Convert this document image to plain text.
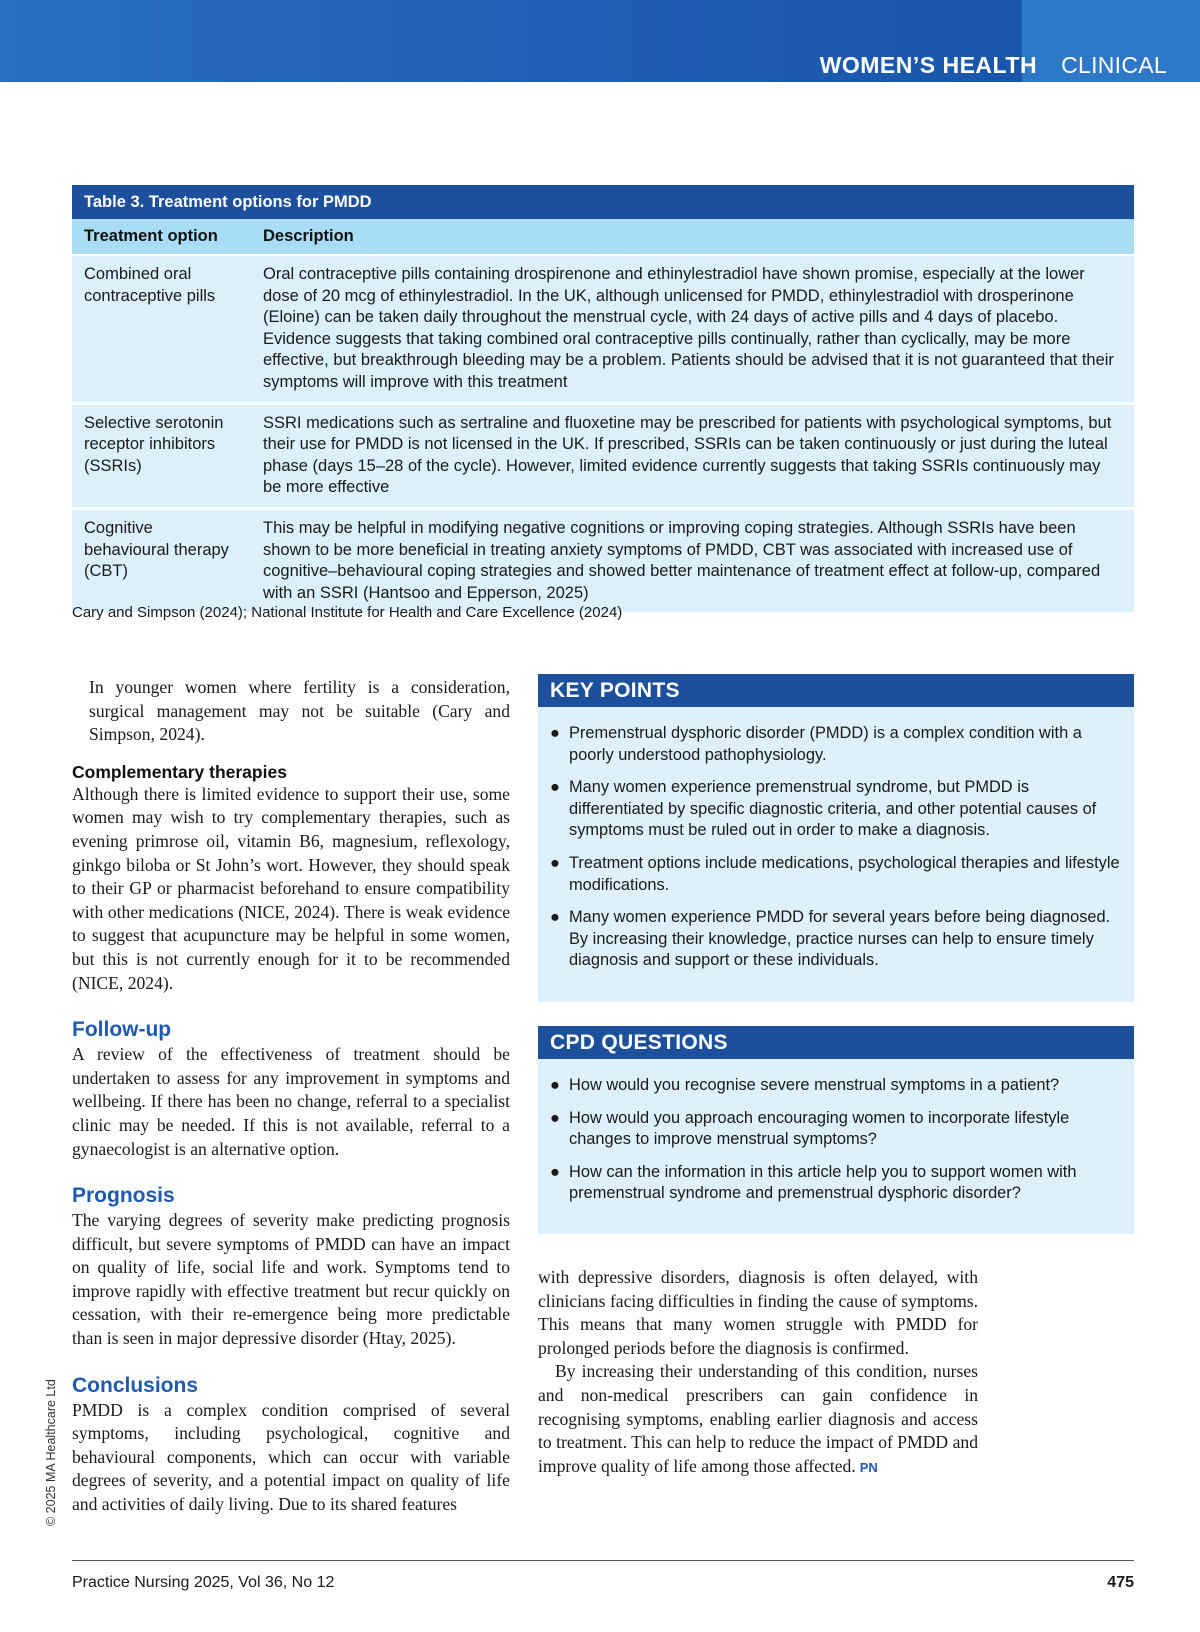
WOMEN’S HEALTH CLINICAL
Table 3. Treatment options for PMDD
Treatment option	Description
Combined oral contraceptive pills	Oral contraceptive pills containing drospirenone and ethinylestradiol have shown promise, especially at the lower dose of 20 mcg of ethinylestradiol. In the UK, although unlicensed for PMDD, ethinylestradiol with drosperinone (Eloine) can be taken daily throughout the menstrual cycle, with 24 days of active pills and 4 days of placebo. Evidence suggests that taking combined oral contraceptive pills continually, rather than cyclically, may be more effective, but breakthrough bleeding may be a problem. Patients should be advised that it is not guaranteed that their symptoms will improve with this treatment
Selective serotonin receptor inhibitors (SSRIs)	SSRI medications such as sertraline and fluoxetine may be prescribed for patients with psychological symptoms, but their use for PMDD is not licensed in the UK. If prescribed, SSRIs can be taken continuously or just during the luteal phase (days 15–28 of the cycle). However, limited evidence currently suggests that taking SSRIs continuously may be more effective
Cognitive behavioural therapy (CBT)	This may be helpful in modifying negative cognitions or improving coping strategies. Although SSRIs have been shown to be more beneficial in treating anxiety symptoms of PMDD, CBT was associated with increased use of cognitive–behavioural coping strategies and showed better maintenance of treatment effect at follow-up, compared with an SSRI (Hantsoo and Epperson, 2025)
Cary and Simpson (2024); National Institute for Health and Care Excellence (2024)

In younger women where fertility is a consideration, surgical management may not be suitable (Cary and Simpson, 2024).

Complementary therapies

Although there is limited evidence to support their use, some women may wish to try complementary therapies, such as evening primrose oil, vitamin B6, magnesium, reflexology, ginkgo biloba or St John’s wort. However, they should speak to their GP or pharmacist beforehand to ensure compatibility with other medications (NICE, 2024). There is weak evidence to suggest that acupuncture may be helpful in some women, but this is not currently enough for it to be recommended (NICE, 2024).

Follow-up

A review of the effectiveness of treatment should be undertaken to assess for any improvement in symptoms and wellbeing. If there has been no change, referral to a specialist clinic may be needed. If this is not available, referral to a gynaecologist is an alternative option.

Prognosis

The varying degrees of severity make predicting prognosis difficult, but severe symptoms of PMDD can have an impact on quality of life, social life and work. Symptoms tend to improve rapidly with effective treatment but recur quickly on cessation, with their re-emergence being more predictable than is seen in major depressive disorder (Htay, 2025).

Conclusions

PMDD is a complex condition comprised of several symptoms, including psychological, cognitive and behavioural components, which can occur with variable degrees of severity, and a potential impact on quality of life and activities of daily living. Due to its shared features

KEY POINTS
● Premenstrual dysphoric disorder (PMDD) is a complex condition with a poorly understood pathophysiology.
● Many women experience premenstrual syndrome, but PMDD is differentiated by specific diagnostic criteria, and other potential causes of symptoms must be ruled out in order to make a diagnosis.
● Treatment options include medications, psychological therapies and lifestyle modifications.
● Many women experience PMDD for several years before being diagnosed. By increasing their knowledge, practice nurses can help to ensure timely diagnosis and support or these individuals.
CPD QUESTIONS
● How would you recognise severe menstrual symptoms in a patient?
● How would you approach encouraging women to incorporate lifestyle changes to improve menstrual symptoms?
● How can the information in this article help you to support women with premenstrual syndrome and premenstrual dysphoric disorder?

with depressive disorders, diagnosis is often delayed, with clinicians facing difficulties in finding the cause of symptoms. This means that many women struggle with PMDD for prolonged periods before the diagnosis is confirmed.

By increasing their understanding of this condition, nurses and non-medical prescribers can gain confidence in recognising symptoms, enabling earlier diagnosis and access to treatment. This can help to reduce the impact of PMDD and improve quality of life among those affected. PN

© 2025 MA Healthcare Ltd
Practice Nursing 2025, Vol 36, No 12	475
